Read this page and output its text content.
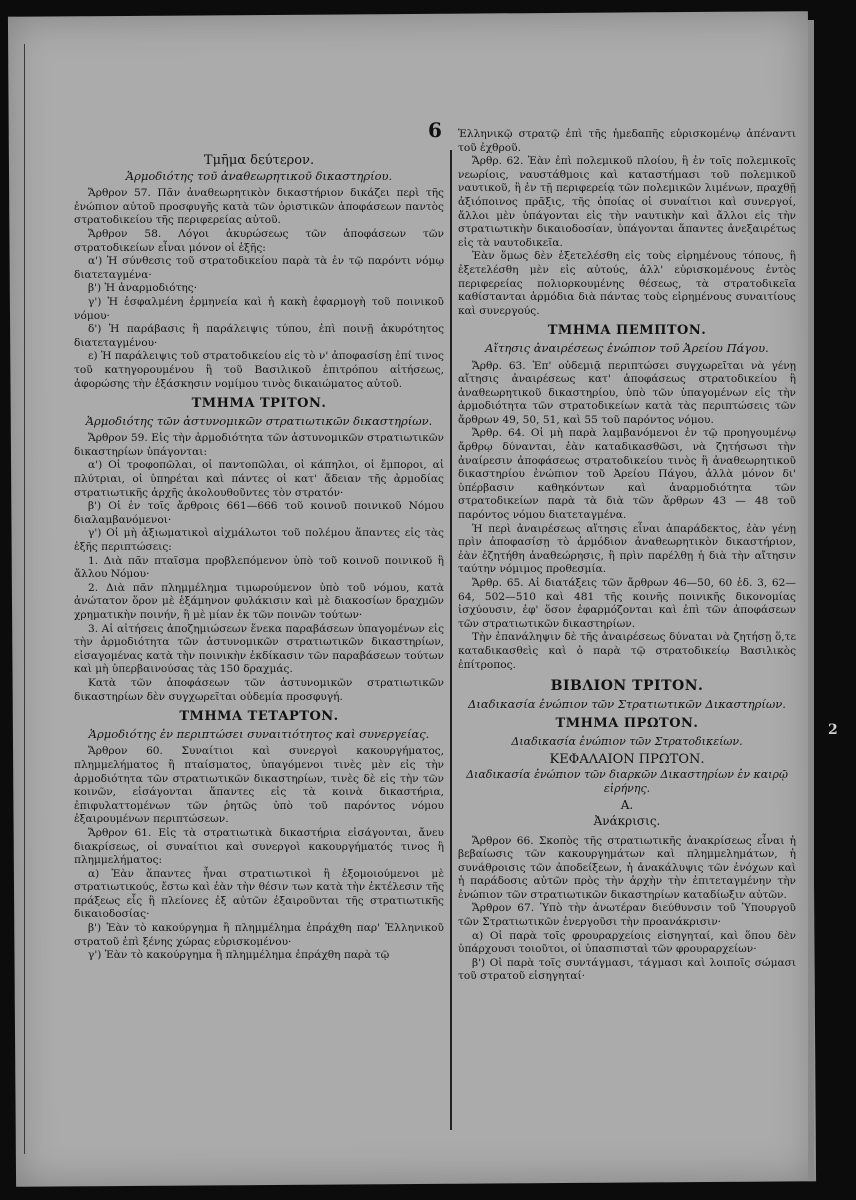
6
2
Τμῆμα δεύτερον.
Ἁρμοδιότης τοῦ ἀναθεωρητικοῦ δικαστηρίου.

Ἄρθρον 57. Πᾶν ἀναθεωρητικὸν δικαστήριον δικάζει περὶ τῆς ἐνώπιον αὐτοῦ προσφυγῆς κατὰ τῶν ὁριστικῶν ἀποφάσεων παντὸς στρατοδικείου τῆς περιφερείας αὐτοῦ.

Ἄρθρον 58. Λόγοι ἀκυρώσεως τῶν ἀποφάσεων τῶν στρατοδικείων εἶναι μόνον οἱ ἑξῆς:

α') Ἡ σύνθεσις τοῦ στρατοδικείου παρὰ τὰ ἐν τῷ παρόντι νόμῳ διατεταγμένα·

β') Ἡ ἀναρμοδιότης·

γ') Ἡ ἐσφαλμένη ἑρμηνεία καὶ ἡ κακὴ ἐφαρμογὴ τοῦ ποινικοῦ νόμου·

δ') Ἡ παράβασις ἢ παράλειψις τύπου, ἐπὶ ποινῇ ἀκυρότητος διατεταγμένου·

ε) Ἡ παράλειψις τοῦ στρατοδικείου εἰς τὸ ν' ἀποφασίσῃ ἐπί τινος τοῦ κατηγορουμένου ἢ τοῦ Βασιλικοῦ ἐπιτρόπου αἰτήσεως, ἀφορώσης τὴν ἐξάσκησιν νομίμου τινὸς δικαιώματος αὐτοῦ.

ΤΜΗΜΑ ΤΡΙΤΟΝ.
Ἁρμοδιότης τῶν ἀστυνομικῶν στρατιωτικῶν δικαστηρίων.

Ἄρθρον 59. Εἰς τὴν ἁρμοδιότητα τῶν ἀστυνομικῶν στρατιωτικῶν δικαστηρίων ὑπάγονται:

α') Οἱ τροφοπῶλαι, οἱ παντοπῶλαι, οἱ κάπηλοι, οἱ ἔμποροι, αἱ πλύτριαι, οἱ ὑπηρέται καὶ πάντες οἱ κατ' ἄδειαν τῆς ἁρμοδίας στρατιωτικῆς ἀρχῆς ἀκολουθοῦντες τὸν στρατόν·

β') Οἱ ἐν τοῖς ἄρθροις 661—666 τοῦ κοινοῦ ποινικοῦ Νόμου διαλαμβανόμενοι·

γ') Οἱ μὴ ἀξιωματικοὶ αἰχμάλωτοι τοῦ πολέμου ἅπαντες εἰς τὰς ἑξῆς περιπτώσεις:

1. Διὰ πᾶν πταῖσμα προβλεπόμενον ὑπὸ τοῦ κοινοῦ ποινικοῦ ἢ ἄλλου Νόμου·

2. Διὰ πᾶν πλημμέλημα τιμωρούμενον ὑπὸ τοῦ νόμου, κατὰ ἀνώτατον ὅρον μὲ ἑξάμηνον φυλάκισιν καὶ μὲ διακοσίων δραχμῶν χρηματικὴν ποινήν, ἢ μὲ μίαν ἐκ τῶν ποινῶν τούτων·

3. Αἱ αἰτήσεις ἀποζημιώσεων ἕνεκα παραβάσεων ὑπαγομένων εἰς τὴν ἁρμοδιότητα τῶν ἀστυνομικῶν στρατιωτικῶν δικαστηρίων, εἰσαγομένας κατὰ τὴν ποινικὴν ἐκδίκασιν τῶν παραβάσεων τούτων καὶ μὴ ὑπερβαινούσας τὰς 150 δραχμάς.

Κατὰ τῶν ἀποφάσεων τῶν ἀστυνομικῶν στρατιωτικῶν δικαστηρίων δὲν συγχωρεῖται οὐδεμία προσφυγή.

ΤΜΗΜΑ ΤΕΤΑΡΤΟΝ.
Ἁρμοδιότης ἐν περιπτώσει συναιτιότητος καὶ συνεργείας.

Ἄρθρον 60. Συναίτιοι καὶ συνεργοὶ κακουργήματος, πλημμελήματος ἢ πταίσματος, ὑπαγόμενοι τινὲς μὲν εἰς τὴν ἁρμοδιότητα τῶν στρατιωτικῶν δικαστηρίων, τινὲς δὲ εἰς τὴν τῶν κοινῶν, εἰσάγονται ἅπαντες εἰς τὰ κοινὰ δικαστήρια, ἐπιφυλαττομένων τῶν ῥητῶς ὑπὸ τοῦ παρόντος νόμου ἐξαιρουμένων περιπτώσεων.

Ἄρθρον 61. Εἰς τὰ στρατιωτικὰ δικαστήρια εἰσάγονται, ἄνευ διακρίσεως, οἱ συναίτιοι καὶ συνεργοὶ κακουργήματός τινος ἢ πλημμελήματος:

α) Ἐὰν ἅπαντες ἦναι στρατιωτικοὶ ἢ ἐξομοιούμενοι μὲ στρατιωτικούς, ἔστω καὶ ἐὰν τὴν θέσιν των κατὰ τὴν ἐκτέλεσιν τῆς πράξεως εἷς ἢ πλείονες ἐξ αὐτῶν ἐξαιροῦνται τῆς στρατιωτικῆς δικαιοδοσίας·

β') Ἐὰν τὸ κακούργημα ἢ πλημμέλημα ἐπράχθη παρ' Ἑλληνικοῦ στρατοῦ ἐπὶ ξένης χώρας εὑρισκομένου·

γ') Ἐὰν τὸ κακούργημα ἢ πλημμέλημα ἐπράχθη παρὰ τῷ

Ἑλληνικῷ στρατῷ ἐπὶ τῆς ἡμεδαπῆς εὑρισκομένῳ ἀπέναντι τοῦ ἐχθροῦ.

Ἄρθρ. 62. Ἐὰν ἐπὶ πολεμικοῦ πλοίου, ἢ ἐν τοῖς πολεμικοῖς νεωρίοις, ναυστάθμοις καὶ καταστήμασι τοῦ πολεμικοῦ ναυτικοῦ, ἢ ἐν τῇ περιφερείᾳ τῶν πολεμικῶν λιμένων, πραχθῇ ἀξιόποινος πρᾶξις, τῆς ὁποίας οἱ συναίτιοι καὶ συνεργοί, ἄλλοι μὲν ὑπάγονται εἰς τὴν ναυτικὴν καὶ ἄλλοι εἰς τὴν στρατιωτικὴν δικαιοδοσίαν, ὑπάγονται ἅπαντες ἀνεξαιρέτως εἰς τὰ ναυτοδικεῖα.

Ἐὰν ὅμως δὲν ἐξετελέσθη εἰς τοὺς εἰρημένους τόπους, ἢ ἐξετελέσθη μὲν εἰς αὐτούς, ἀλλ' εὑρισκομένους ἐντὸς περιφερείας πολιορκουμένης θέσεως, τὰ στρατοδικεῖα καθίστανται ἁρμόδια διὰ πάντας τοὺς εἰρημένους συναιτίους καὶ συνεργούς.

ΤΜΗΜΑ ΠΕΜΠΤΟΝ.
Αἴτησις ἀναιρέσεως ἐνώπιον τοῦ Ἀρείου Πάγου.

Ἄρθρ. 63. Ἐπ' οὐδεμιᾷ περιπτώσει συγχωρεῖται νὰ γένῃ αἴτησις ἀναιρέσεως κατ' ἀποφάσεως στρατοδικείου ἢ ἀναθεωρητικοῦ δικαστηρίου, ὑπὸ τῶν ὑπαγομένων εἰς τὴν ἁρμοδιότητα τῶν στρατοδικείων κατὰ τὰς περιπτώσεις τῶν ἄρθρων 49, 50, 51, καὶ 55 τοῦ παρόντος νόμου.

Ἄρθρ. 64. Οἱ μὴ παρὰ λαμβανόμενοι ἐν τῷ προηγουμένῳ ἄρθρῳ δύνανται, ἐὰν καταδικασθῶσι, νὰ ζητήσωσι τὴν ἀναίρεσιν ἀποφάσεως στρατοδικείου τινὸς ἢ ἀναθεωρητικοῦ δικαστηρίου ἐνώπιον τοῦ Ἀρείου Πάγου, ἀλλὰ μόνον δι' ὑπέρβασιν καθηκόντων καὶ ἀναρμοδιότητα τῶν στρατοδικείων παρὰ τὰ διὰ τῶν ἄρθρων 43 — 48 τοῦ παρόντος νόμου διατεταγμένα.

Ἡ περὶ ἀναιρέσεως αἴτησις εἶναι ἀπαράδεκτος, ἐὰν γένῃ πρὶν ἀποφασίσῃ τὸ ἁρμόδιον ἀναθεωρητικὸν δικαστήριον, ἐὰν ἐζητήθη ἀναθεώρησις, ἢ πρὶν παρέλθῃ ἡ διὰ τὴν αἴτησιν ταύτην νόμιμος προθεσμία.

Ἄρθρ. 65. Αἱ διατάξεις τῶν ἄρθρων 46—50, 60 ἐδ. 3, 62—64, 502—510 καὶ 481 τῆς κοινῆς ποινικῆς δικονομίας ἰσχύουσιν, ἐφ' ὅσον ἐφαρμόζονται καὶ ἐπὶ τῶν ἀποφάσεων τῶν στρατιωτικῶν δικαστηρίων.

Τὴν ἐπανάληψιν δὲ τῆς ἀναιρέσεως δύναται νὰ ζητήσῃ ὅ,τε καταδικασθεὶς καὶ ὁ παρὰ τῷ στρατοδικείῳ Βασιλικὸς ἐπίτροπος.

ΒΙΒΛΙΟΝ ΤΡΙΤΟΝ.
Διαδικασία ἐνώπιον τῶν Στρατιωτικῶν Δικαστηρίων.
ΤΜΗΜΑ ΠΡΩΤΟΝ.
Διαδικασία ἐνώπιον τῶν Στρατοδικείων.
ΚΕΦΑΛΑΙΟΝ ΠΡΩΤΟΝ.
Διαδικασία ἐνώπιον τῶν διαρκῶν Δικαστηρίων ἐν καιρῷ εἰρήνης.
Α.
Ἀνάκρισις.

Ἄρθρον 66. Σκοπὸς τῆς στρατιωτικῆς ἀνακρίσεως εἶναι ἡ βεβαίωσις τῶν κακουργημάτων καὶ πλημμελημάτων, ἡ συνάθροισις τῶν ἀποδείξεων, ἡ ἀνακάλυψις τῶν ἐνόχων καὶ ἡ παράδοσις αὐτῶν πρὸς τὴν ἀρχὴν τὴν ἐπιτεταγμένην τὴν ἐνώπιον τῶν στρατιωτικῶν δικαστηρίων καταδίωξιν αὐτῶν.

Ἄρθρον 67. Ὑπὸ τὴν ἀνωτέραν διεύθυνσιν τοῦ Ὑπουργοῦ τῶν Στρατιωτικῶν ἐνεργοῦσι τὴν προανάκρισιν·

α) Οἱ παρὰ τοῖς φρουραρχείοις εἰσηγηταί, καὶ ὅπου δὲν ὑπάρχουσι τοιοῦτοι, οἱ ὑπασπισταὶ τῶν φρουραρχείων·

β') Οἱ παρὰ τοῖς συντάγμασι, τάγμασι καὶ λοιποῖς σώμασι τοῦ στρατοῦ εἰσηγηταί·
